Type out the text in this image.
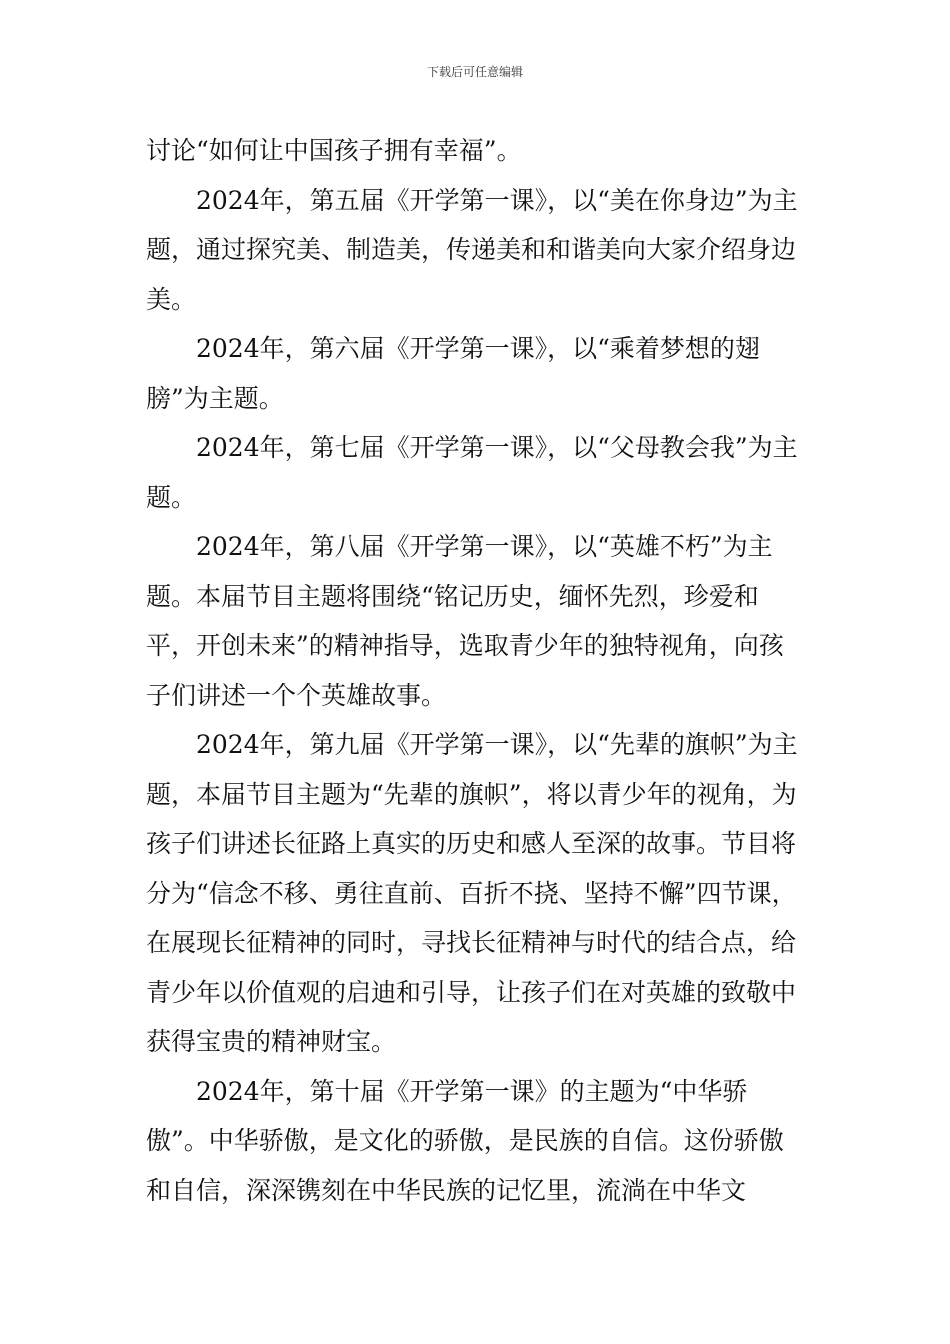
下载后可任意编辑

讨论“如何让中国孩子拥有幸福”。

2024年，第五届《开学第一课》，以“美在你身边”为主题，通过探究美、制造美，传递美和和谐美向大家介绍身边美。

2024年，第六届《开学第一课》，以“乘着梦想的翅膀”为主题。

2024年，第七届《开学第一课》，以“父母教会我”为主题。

2024年，第八届《开学第一课》，以“英雄不朽”为主题。本届节目主题将围绕“铭记历史，缅怀先烈，珍爱和平，开创未来”的精神指导，选取青少年的独特视角，向孩子们讲述一个个英雄故事。

2024年，第九届《开学第一课》，以“先辈的旗帜”为主题，本届节目主题为“先辈的旗帜”，将以青少年的视角，为孩子们讲述长征路上真实的历史和感人至深的故事。节目将分为“信念不移、勇往直前、百折不挠、坚持不懈”四节课，在展现长征精神的同时，寻找长征精神与时代的结合点，给青少年以价值观的启迪和引导，让孩子们在对英雄的致敬中获得宝贵的精神财宝。

2024年，第十届《开学第一课》的主题为“中华骄傲”。中华骄傲，是文化的骄傲，是民族的自信。这份骄傲和自信，深深镌刻在中华民族的记忆里，流淌在中华文
